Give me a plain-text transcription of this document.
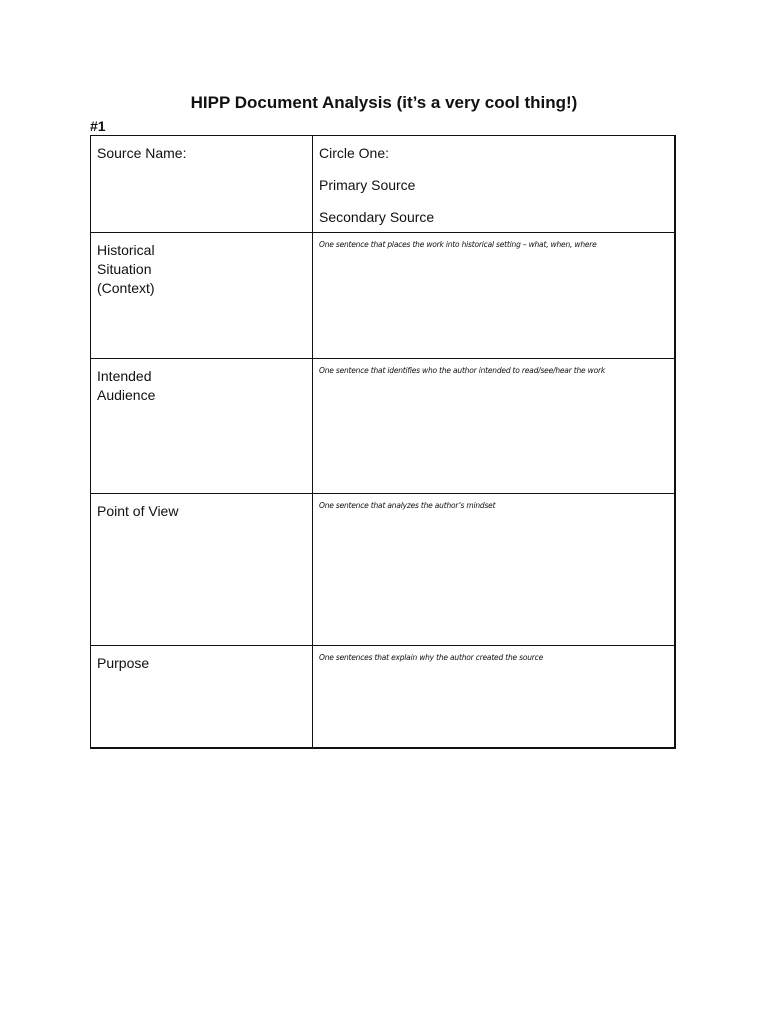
HIPP Document Analysis (it’s a very cool thing!)
#1
Source Name:	Circle One:
Primary Source
Secondary Source

Historical
Situation
(Context)	One sentence that places the work into historical setting – what, when, where

Intended
Audience	One sentence that identifies who the author intended to read/see/hear the work

Point of View	One sentence that analyzes the author’s mindset

Purpose	One sentences that explain why the author created the source
